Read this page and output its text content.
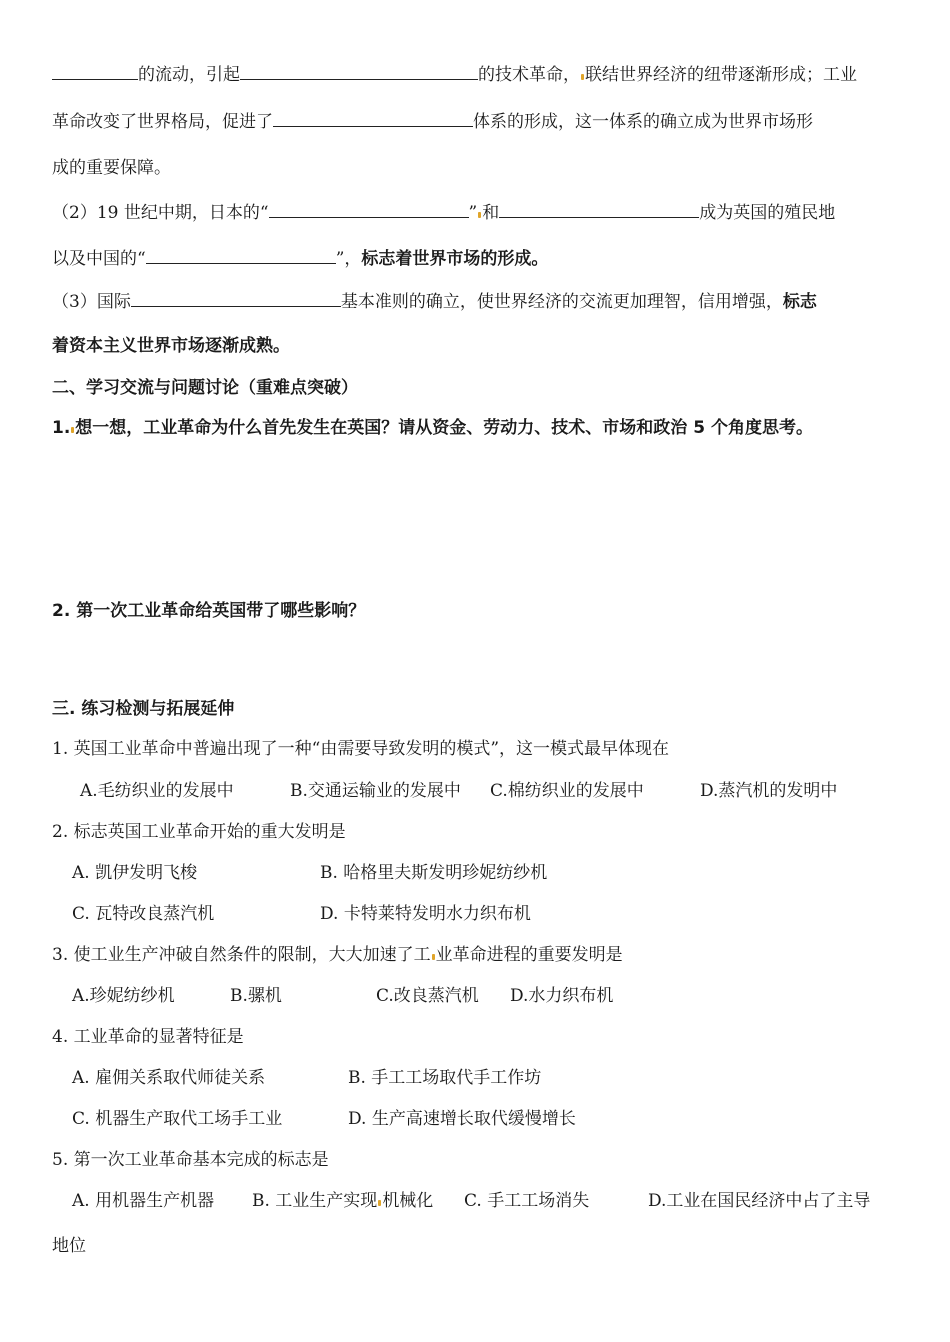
的流动，引起	的技术革命， 联结世界经济的纽带逐渐形成；工业
革命改变了世界格局，促进了	体系的形成，这一体系的确立成为世界市场形
成的重要保障。
（2）19 世纪中期，日本的“	” 和	成为英国的殖民地
以及中国的“	”，标志着世界市场的形成。
（3）国际	基本准则的确立，使世界经济的交流更加理智，信用增强，标志
着资本主义世界市场逐渐成熟。
二、学习交流与问题讨论（重难点突破）
1. 想一想，工业革命为什么首先发生在英国？请从资金、劳动力、技术、市场和政治 5 个角度思考。
2. 第一次工业革命给英国带了哪些影响？
三. 练习检测与拓展延伸
1. 英国工业革命中普遍出现了一种“由需要导致发明的模式”，这一模式最早体现在
A.毛纺织业的发展中	B.交通运输业的发展中 C.棉纺织业的发展中	D.蒸汽机的发明中
2. 标志英国工业革命开始的重大发明是
A. 凯伊发明飞梭	B. 哈格里夫斯发明珍妮纺纱机
C. 瓦特改良蒸汽机	D. 卡特莱特发明水力织布机
3. 使工业生产冲破自然条件的限制，大大加速了工 业革命进程的重要发明是
A.珍妮纺纱机	B.骡机	C.改良蒸汽机 D.水力织布机
4. 工业革命的显著特征是
A. 雇佣关系取代师徒关系	B. 手工工场取代手工作坊
C. 机器生产取代工场手工业	D. 生产高速增长取代缓慢增长
5. 第一次工业革命基本完成的标志是
A. 用机器生产机器 B. 工业生产实现 机械化 C. 手工工场消失	D.工业在国民经济中占了主导
地位
